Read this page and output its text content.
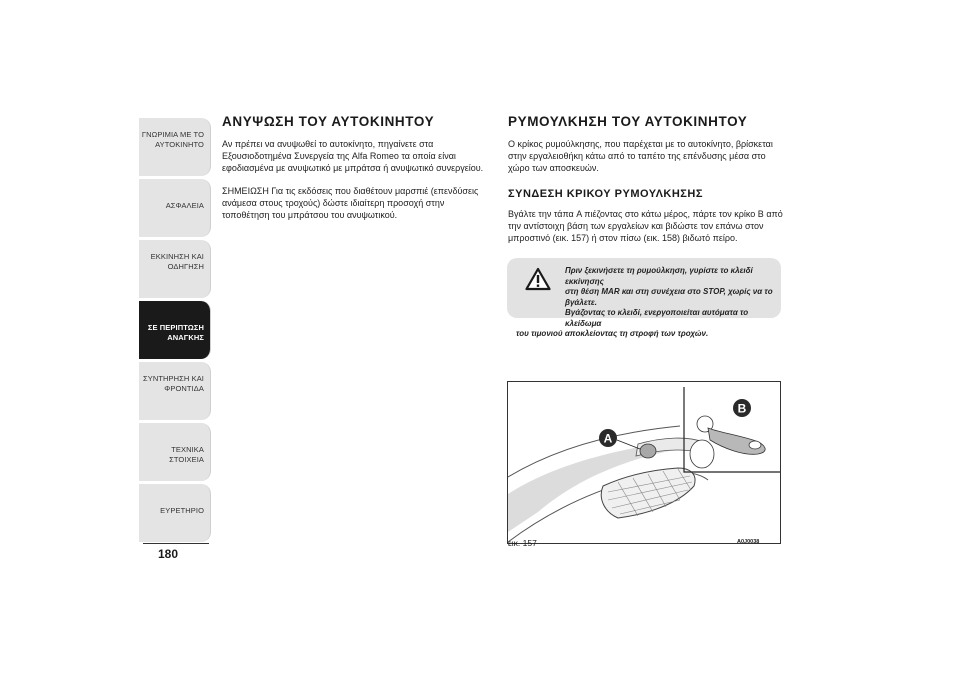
ΓΝΩΡΙΜΙΑ ΜΕ ΤΟ ΑΥΤΟΚΙΝΗΤΟ
ΑΣΦΑΛΕΙΑ
ΕΚΚΙΝΗΣΗ ΚΑΙ ΟΔΗΓΗΣΗ
ΣΕ ΠΕΡΙΠΤΩΣΗ ΑΝΑΓΚΗΣ
ΣΥΝΤΗΡΗΣΗ ΚΑΙ ΦΡΟΝΤΙΔΑ
ΤΕΧΝΙΚΑ ΣΤΟΙΧΕΙΑ
ΕΥΡΕΤΗΡΙΟ
180
ΑΝΥΨΩΣΗ ΤΟΥ ΑΥΤΟΚΙΝΗΤΟΥ
Αν πρέπει να ανυψωθεί το αυτοκίνητο, πηγαίνετε στα Εξουσιοδοτημένα Συνεργεία της Alfa Romeo τα οποία είναι εφοδιασμένα με ανυψωτικό με μπράτσα ή ανυψωτικό συνεργείου.
ΣΗΜΕΙΩΣΗ Για τις εκδόσεις που διαθέτουν μαρσπιέ (επενδύσεις ανάμεσα στους τροχούς) δώστε ιδιαίτερη προσοχή στην τοποθέτηση του μπράτσου του ανυψωτικού.
ΡΥΜΟΥΛΚΗΣΗ ΤΟΥ ΑΥΤΟΚΙΝΗΤΟΥ
Ο κρίκος ρυμούλκησης, που παρέχεται με το αυτοκίνητο, βρίσκεται στην εργαλειοθήκη κάτω από το ταπέτο της επένδυσης μέσα στο χώρο των αποσκευών.
ΣΥΝΔΕΣΗ ΚΡΙΚΟΥ ΡΥΜΟΥΛΚΗΣΗΣ
Βγάλτε την τάπα A πιέζοντας στο κάτω μέρος, πάρτε τον κρίκο B από την αντίστοιχη βάση των εργαλείων και βιδώστε τον επάνω στον μπροστινό (εικ. 157) ή στον πίσω (εικ. 158) βιδωτό πείρο.
Πριν ξεκινήσετε τη ρυμούλκηση, γυρίστε το κλειδί εκκίνησης
στη θέση MAR και στη συνέχεια στο STOP, χωρίς να το βγάλετε.
Βγάζοντας το κλειδί, ενεργοποιείται αυτόματα το κλείδωμα
του τιμονιού αποκλείοντας τη στροφή των τροχών.
A
B
εικ. 157	A0J0038
